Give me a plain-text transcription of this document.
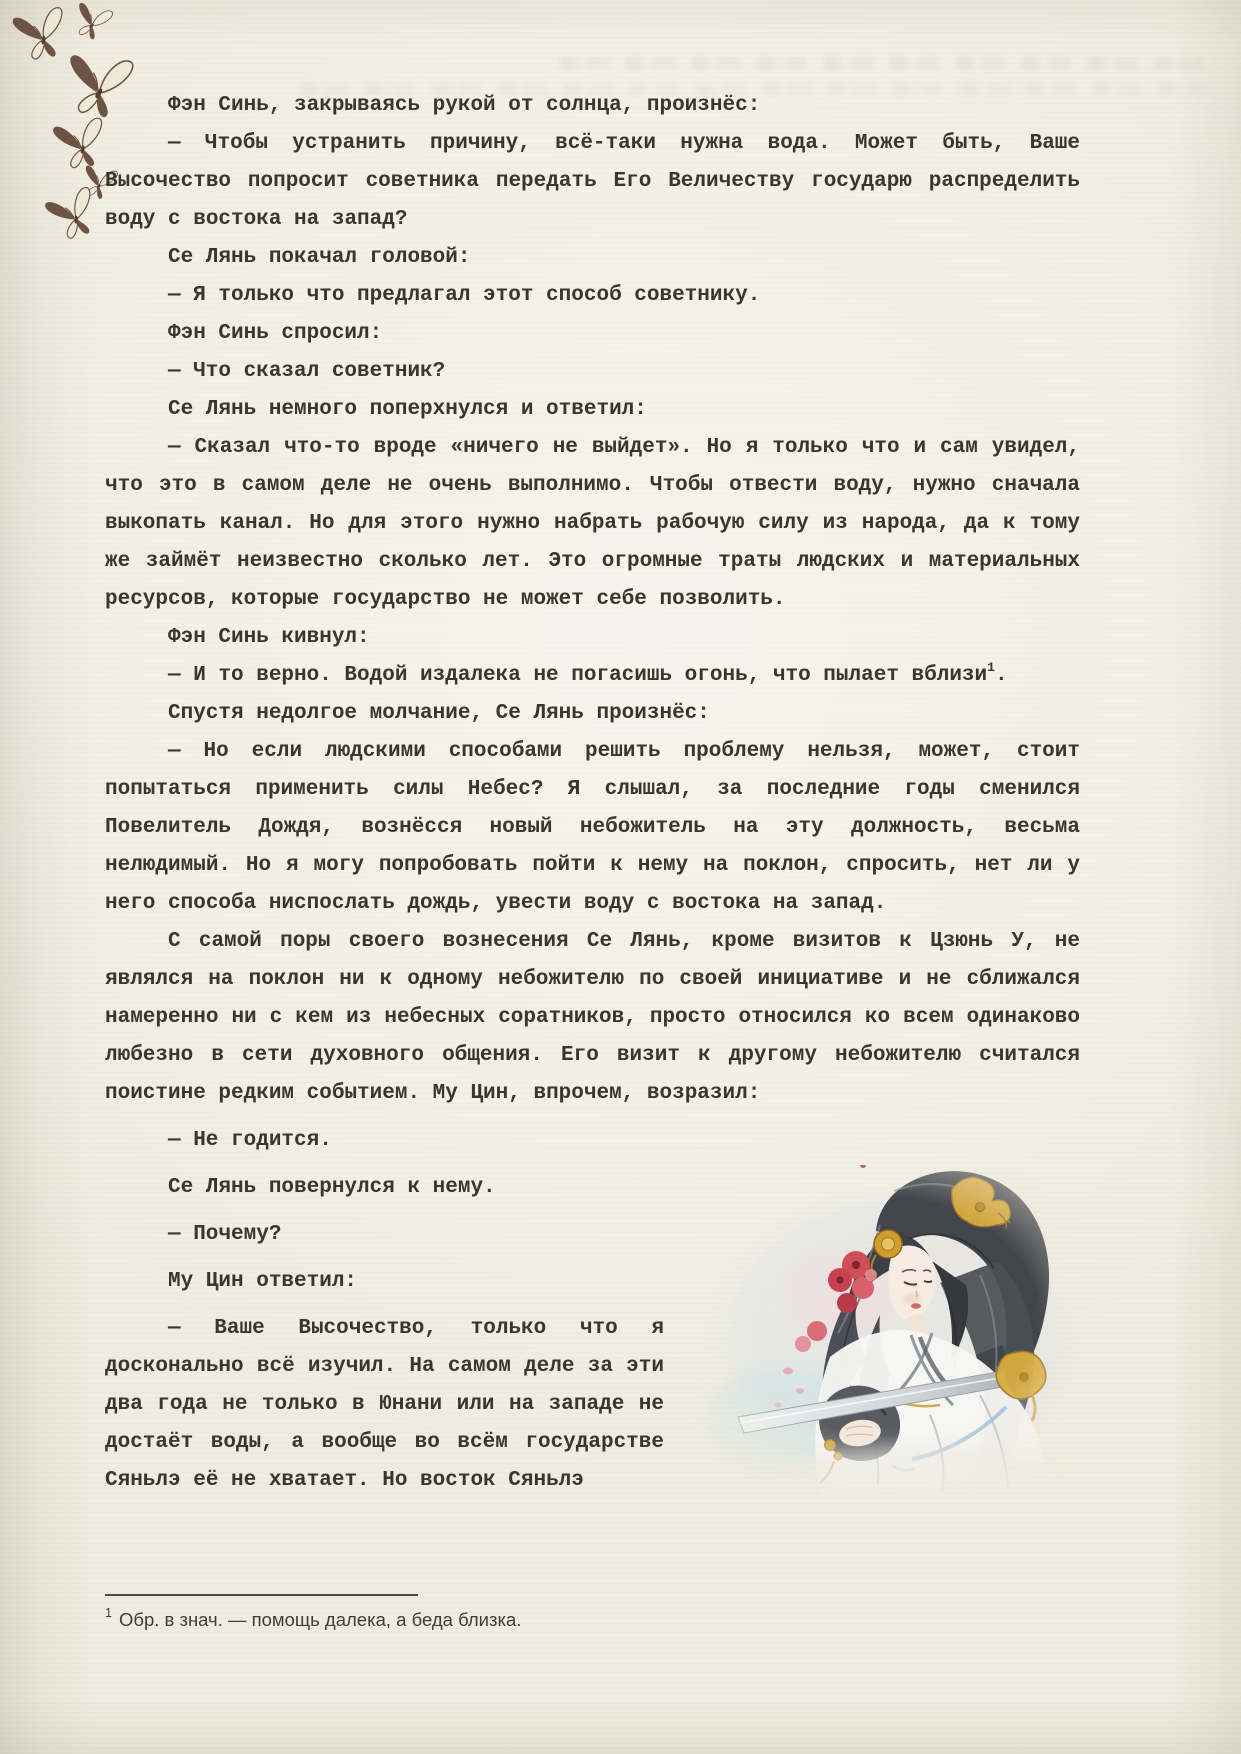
Фэн Синь, закрываясь рукой от солнца, произнёс:

— Чтобы устранить причину, всё-таки нужна вода. Может быть, Ваше Высочество попросит советника передать Его Величеству государю распределить воду с востока на запад?

Се Лянь покачал головой:

— Я только что предлагал этот способ советнику.

Фэн Синь спросил:

— Что сказал советник?

Се Лянь немного поперхнулся и ответил:

— Сказал что-то вроде «ничего не выйдет». Но я только что и сам увидел, что это в самом деле не очень выполнимо. Чтобы отвести воду, нужно сначала выкопать канал. Но для этого нужно набрать рабочую силу из народа, да к тому же займёт неизвестно сколько лет. Это огромные траты людских и материальных ресурсов, которые государство не может себе позволить.

Фэн Синь кивнул:

— И то верно. Водой издалека не погасишь огонь, что пылает вблизи$^1$.

Спустя недолгое молчание, Се Лянь произнёс:

— Но если людскими способами решить проблему нельзя, может, стоит попытаться применить силы Небес? Я слышал, за последние годы сменился Повелитель Дождя, вознёсся новый небожитель на эту должность, весьма нелюдимый. Но я могу попробовать пойти к нему на поклон, спросить, нет ли у него способа ниспослать дождь, увести воду с востока на запад.

С самой поры своего вознесения Се Лянь, кроме визитов к Цзюнь У, не являлся на поклон ни к одному небожителю по своей инициативе и не сближался намеренно ни с кем из небесных соратников, просто относился ко всем одинаково любезно в сети духовного общения. Его визит к другому небожителю считался поистине редким событием. Му Цин, впрочем, возразил:

— Не годится.

Се Лянь повернулся к нему.

— Почему?

Му Цин ответил:

— Ваше Высочество, только что я досконально всё изучил. На самом деле за эти два года не только в Юнани или на западе не достаёт воды, а вообще во всём государстве Сяньлэ её не хватает. Но восток Сяньлэ

$^1$ Обр. в знач. — помощь далека, а беда близка.
